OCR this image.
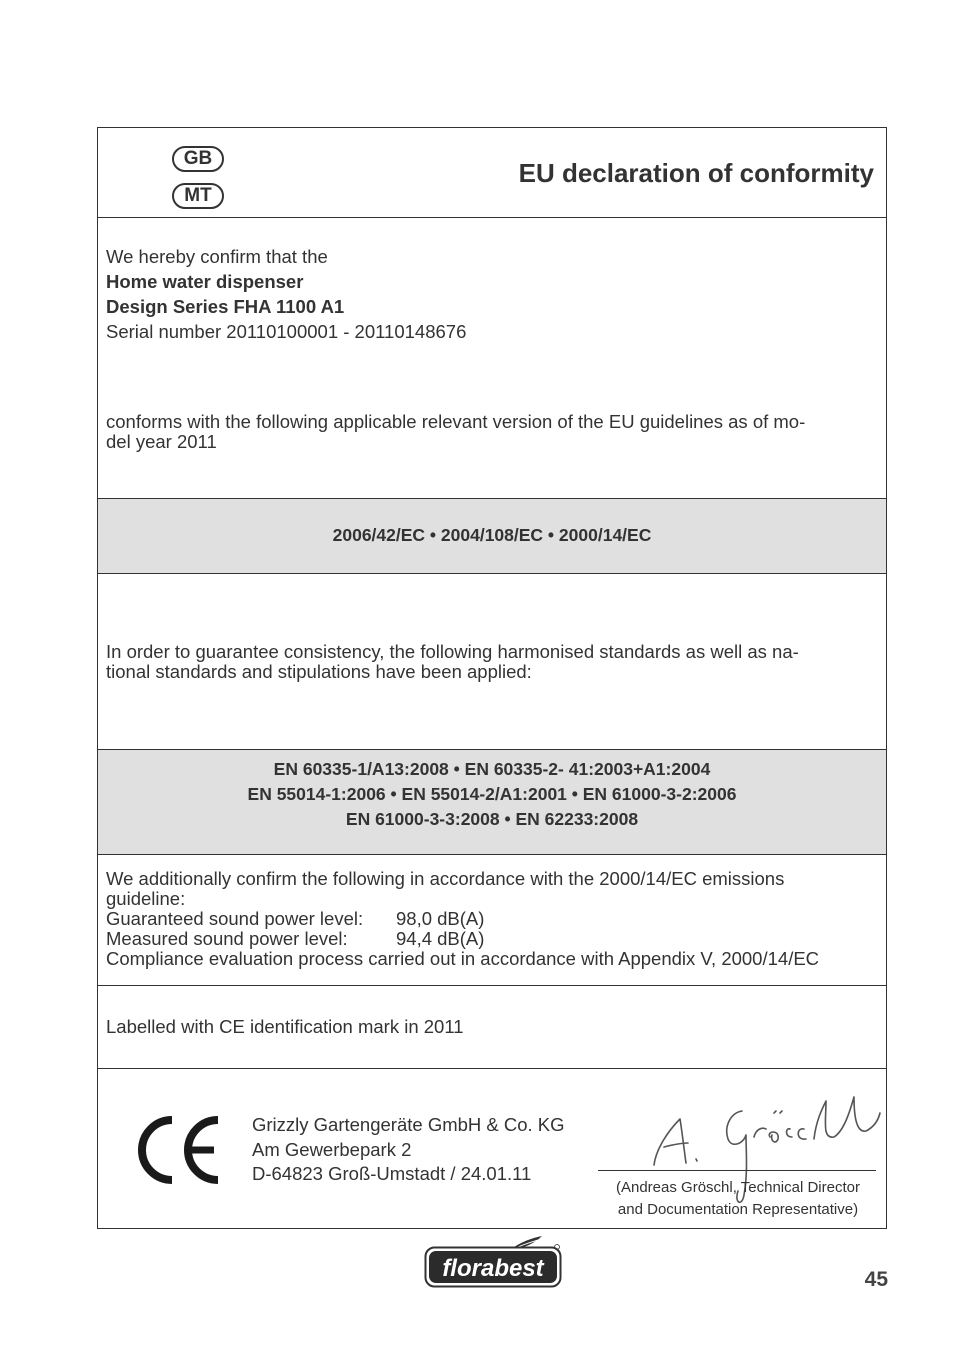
GB
MT
EU declaration of conformity
We hereby confirm that the
Home water dispenser
Design Series FHA 1100 A1
Serial number 20110100001 - 20110148676
conforms with the following applicable relevant version of the EU guidelines as of mo-
del year 2011
2006/42/EC • 2004/108/EC • 2000/14/EC
In order to guarantee consistency, the following harmonised standards as well as na-
tional standards and stipulations have been applied:
EN 60335-1/A13:2008 • EN 60335-2- 41:2003+A1:2004
EN 55014-1:2006 • EN 55014-2/A1:2001 • EN 61000-3-2:2006
EN 61000-3-3:2008 • EN 62233:2008
We additionally confirm the following in accordance with the 2000/14/EC emissions
guideline:
Guaranteed sound power level: 98,0 dB(A)
Measured sound power level:	94,4 dB(A)
Compliance evaluation process carried out in accordance with Appendix V, 2000/14/EC
Labelled with CE identification mark in 2011
Grizzly Gartengeräte GmbH & Co. KG
Am Gewerbepark 2
D-64823 Groß-Umstadt / 24.01.11
(Andreas Gröschl, Technical Director
and Documentation Representative)
florabest	45
